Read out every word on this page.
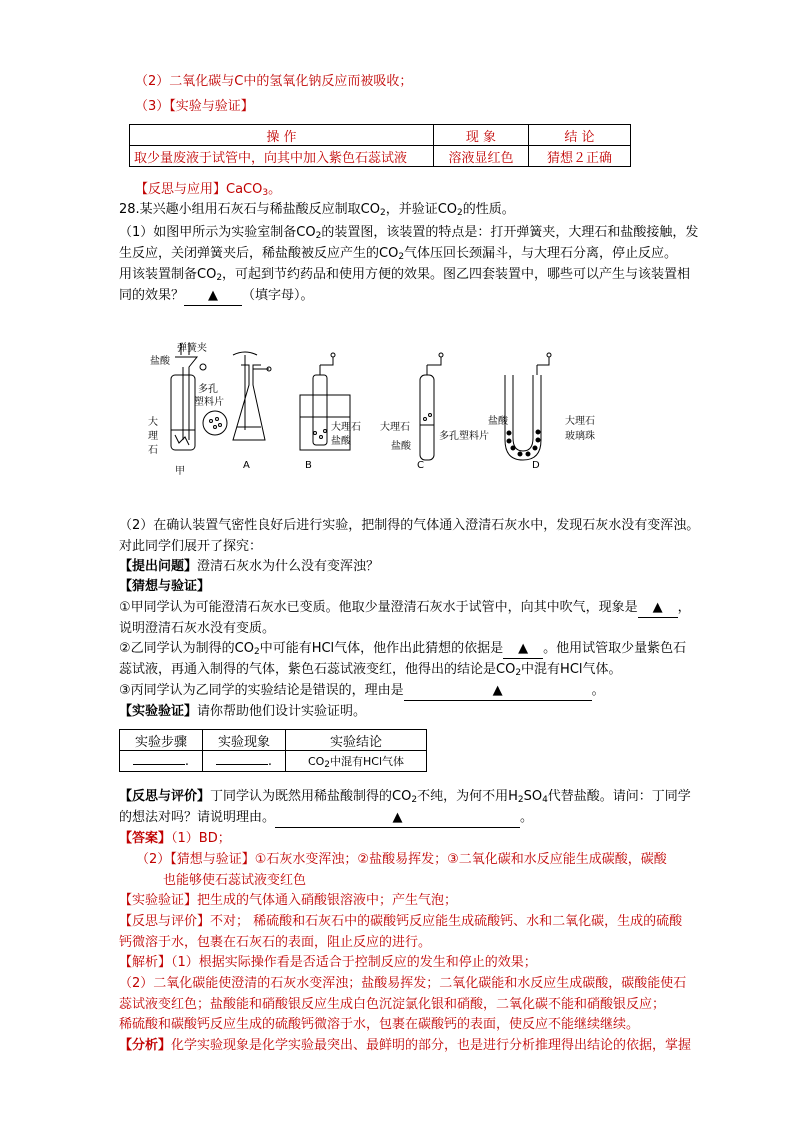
（2）二氧化碳与C中的氢氧化钠反应而被吸收；
（3）【实验与验证】
操 作	现 象	结 论
取少量废液于试管中，向其中加入紫色石蕊试液	溶液显红色	猜想２正确
【反思与应用】CaCO$_3$。
28.某兴趣小组用石灰石与稀盐酸反应制取$CO_2$，并验证$CO_2$的性质。
（1）如图甲所示为实验室制备$CO_2$的装置图，该装置的特点是：打开弹簧夹，大理石和盐酸接触，发
生反应，关闭弹簧夹后，稀盐酸被反应产生的$CO_2$气体压回长颈漏斗，与大理石分离，停止反应。
用该装置制备$CO_2$，可起到节约药品和使用方便的效果。图乙四套装置中，哪些可以产生与该装置相
同的效果？ ▲ （填字母）。
弹簧夹
盐酸
多孔
塑料片
大
理
石
甲
A
大理石
盐酸
B
大理石
多孔塑料片
盐酸
C
盐酸	大理石
玻璃珠
D
（2）在确认装置气密性良好后进行实验，把制得的气体通入澄清石灰水中，发现石灰水没有变浑浊。
对此同学们展开了探究：
【提出问题】澄清石灰水为什么没有变浑浊？
【猜想与验证】
①甲同学认为可能澄清石灰水已变质。他取少量澄清石灰水于试管中，向其中吹气，现象是 ▲ ，
说明澄清石灰水没有变质。
②乙同学认为制得的$CO_2$中可能有HCl气体，他作出此猜想的依据是 ▲ 。他用试管取少量紫色石
蕊试液，再通入制得的气体，紫色石蕊试液变红，他得出的结论是$CO_2$中混有HCl气体。
③丙同学认为乙同学的实验结论是错误的，理由是	▲	。
【实验验证】请你帮助他们设计实验证明。
实验步骤	实验现象	实验结论
.	.	$CO_2$中混有HCl气体
【反思与评价】丁同学认为既然用稀盐酸制得的$CO_2$不纯，为何不用$H_2SO_4$代替盐酸。请问：丁同学
的想法对吗？请说明理由。	▲	。
【答案】（1）BD；
（2）【猜想与验证】①石灰水变浑浊；②盐酸易挥发；③二氧化碳和水反应能生成碳酸，碳酸
也能够使石蕊试液变红色
【实验验证】把生成的气体通入硝酸银溶液中；产生气泡；
【反思与评价】不对； 稀硫酸和石灰石中的碳酸钙反应能生成硫酸钙、水和二氧化碳，生成的硫酸
钙微溶于水，包裹在石灰石的表面，阻止反应的进行。
【解析】（1）根据实际操作看是否适合于控制反应的发生和停止的效果；
（2）二氧化碳能使澄清的石灰水变浑浊；盐酸易挥发；二氧化碳能和水反应生成碳酸，碳酸能使石
蕊试液变红色；盐酸能和硝酸银反应生成白色沉淀氯化银和硝酸，二氧化碳不能和硝酸银反应；
稀硫酸和碳酸钙反应生成的硫酸钙微溶于水，包裹在碳酸钙的表面，使反应不能继续继续。
【分析】化学实验现象是化学实验最突出、最鲜明的部分，也是进行分析推理得出结论的依据，掌握
